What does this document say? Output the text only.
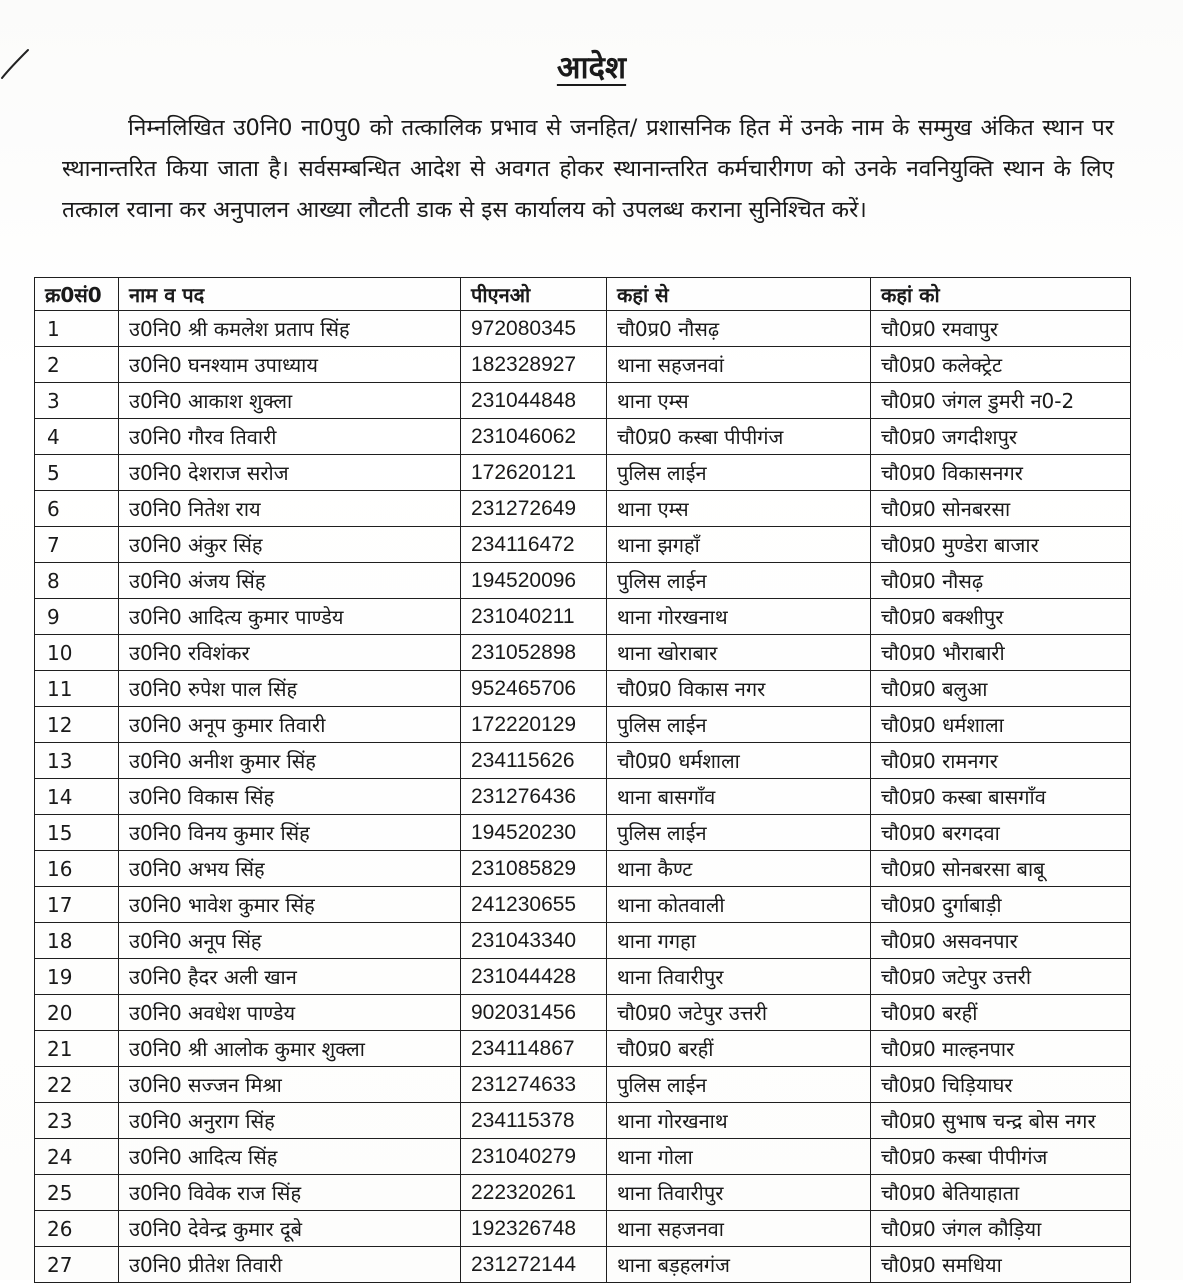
आदेश

निम्नलिखित उ0नि0 ना0पु0 को तत्कालिक प्रभाव से जनहित/ प्रशासनिक हित में उनके नाम के सम्मुख अंकित स्थान पर स्थानान्तरित किया जाता है। सर्वसम्बन्धित आदेश से अवगत होकर स्थानान्तरित कर्मचारीगण को उनके नवनियुक्ति स्थान के लिए तत्काल रवाना कर अनुपालन आख्या लौटती डाक से इस कार्यालय को उपलब्ध कराना सुनिश्चित करें।

क्र0सं0	नाम व पद	पीएनओ	कहां से	कहां को
1	उ0नि0 श्री कमलेश प्रताप सिंह	972080345	चौ0प्र0 नौसढ़	चौ0प्र0 रमवापुर
2	उ0नि0 घनश्याम उपाध्याय	182328927	थाना सहजनवां	चौ0प्र0 कलेक्ट्रेट
3	उ0नि0 आकाश शुक्ला	231044848	थाना एम्स	चौ0प्र0 जंगल डुमरी न0-2
4	उ0नि0 गौरव तिवारी	231046062	चौ0प्र0 कस्बा पीपीगंज	चौ0प्र0 जगदीशपुर
5	उ0नि0 देशराज सरोज	172620121	पुलिस लाईन	चौ0प्र0 विकासनगर
6	उ0नि0 नितेश राय	231272649	थाना एम्स	चौ0प्र0 सोनबरसा
7	उ0नि0 अंकुर सिंह	234116472	थाना झगहाँ	चौ0प्र0 मुण्डेरा बाजार
8	उ0नि0 अंजय सिंह	194520096	पुलिस लाईन	चौ0प्र0 नौसढ़
9	उ0नि0 आदित्य कुमार पाण्डेय	231040211	थाना गोरखनाथ	चौ0प्र0 बक्शीपुर
10	उ0नि0 रविशंकर	231052898	थाना खोराबार	चौ0प्र0 भौराबारी
11	उ0नि0 रुपेश पाल सिंह	952465706	चौ0प्र0 विकास नगर	चौ0प्र0 बलुआ
12	उ0नि0 अनूप कुमार तिवारी	172220129	पुलिस लाईन	चौ0प्र0 धर्मशाला
13	उ0नि0 अनीश कुमार सिंह	234115626	चौ0प्र0 धर्मशाला	चौ0प्र0 रामनगर
14	उ0नि0 विकास सिंह	231276436	थाना बासगाँव	चौ0प्र0 कस्बा बासगाँव
15	उ0नि0 विनय कुमार सिंह	194520230	पुलिस लाईन	चौ0प्र0 बरगदवा
16	उ0नि0 अभय सिंह	231085829	थाना कैण्ट	चौ0प्र0 सोनबरसा बाबू
17	उ0नि0 भावेश कुमार सिंह	241230655	थाना कोतवाली	चौ0प्र0 दुर्गाबाड़ी
18	उ0नि0 अनूप सिंह	231043340	थाना गगहा	चौ0प्र0 असवनपार
19	उ0नि0 हैदर अली खान	231044428	थाना तिवारीपुर	चौ0प्र0 जटेपुर उत्तरी
20	उ0नि0 अवधेश पाण्डेय	902031456	चौ0प्र0 जटेपुर उत्तरी	चौ0प्र0 बरहीं
21	उ0नि0 श्री आलोक कुमार शुक्ला	234114867	चौ0प्र0 बरहीं	चौ0प्र0 माल्हनपार
22	उ0नि0 सज्जन मिश्रा	231274633	पुलिस लाईन	चौ0प्र0 चिड़ियाघर
23	उ0नि0 अनुराग सिंह	234115378	थाना गोरखनाथ	चौ0प्र0 सुभाष चन्द्र बोस नगर
24	उ0नि0 आदित्य सिंह	231040279	थाना गोला	चौ0प्र0 कस्बा पीपीगंज
25	उ0नि0 विवेक राज सिंह	222320261	थाना तिवारीपुर	चौ0प्र0 बेतियाहाता
26	उ0नि0 देवेन्द्र कुमार दूबे	192326748	थाना सहजनवा	चौ0प्र0 जंगल कौड़िया
27	उ0नि0 प्रीतेश तिवारी	231272144	थाना बड़हलगंज	चौ0प्र0 समधिया
